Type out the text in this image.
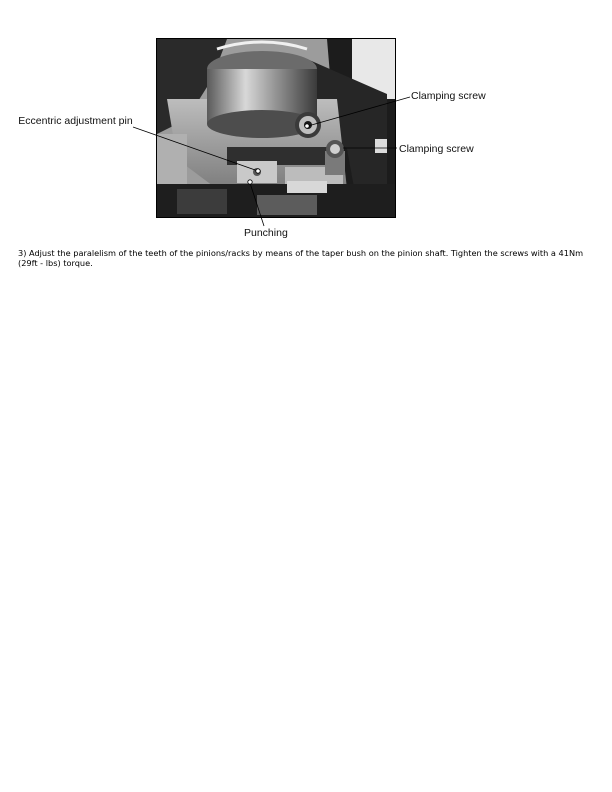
Eccentric adjustment pin
Clamping screw
Clamping screw
Punching

3) Adjust the paralelism of the teeth of the pinions/racks by means of the taper bush on the pinion shaft. Tighten the screws with a 41Nm (29ft - lbs) torque.
